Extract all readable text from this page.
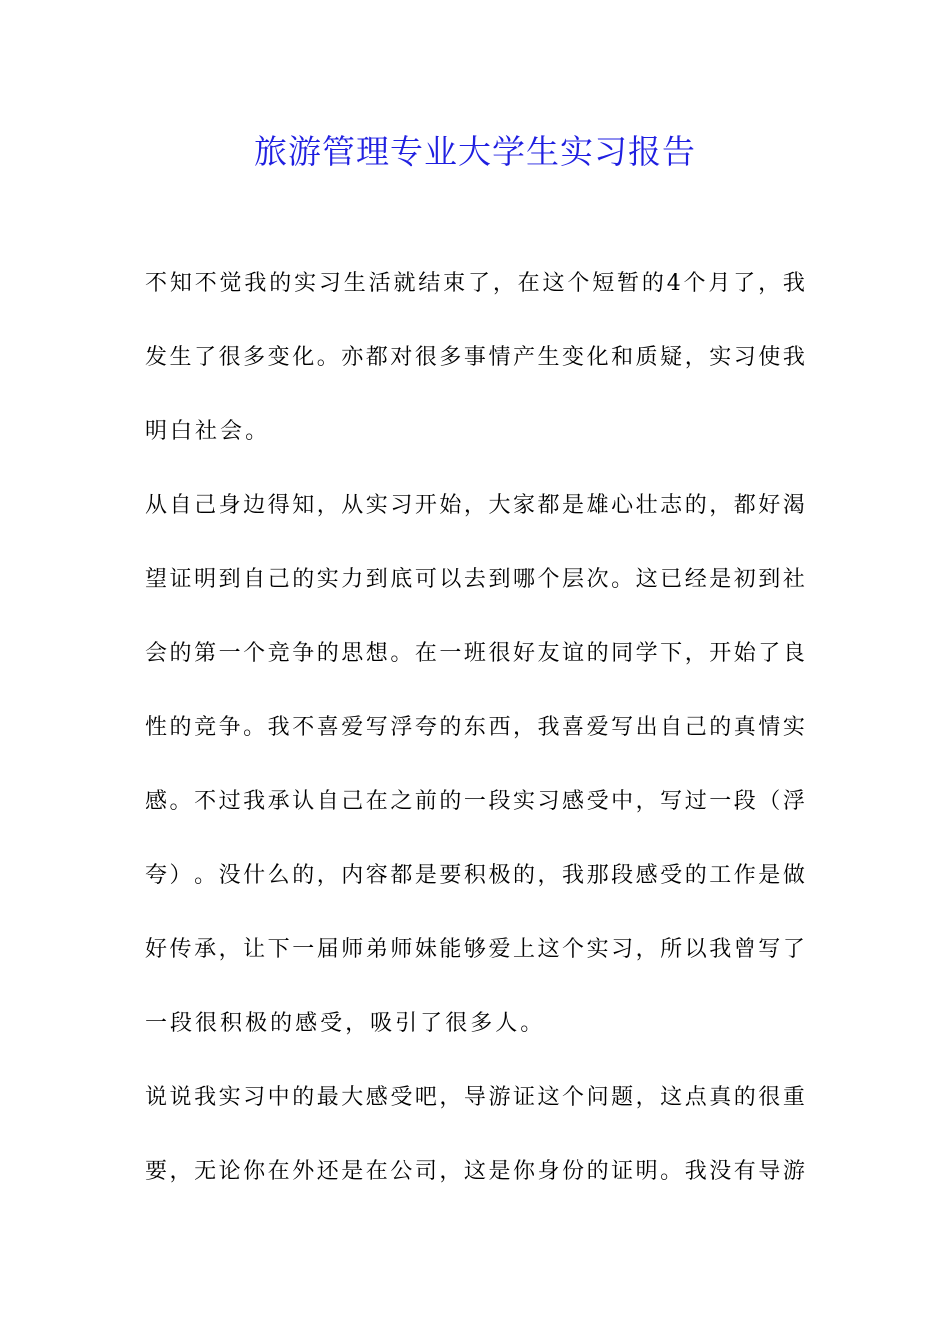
旅游管理专业大学生实习报告
不 知 不 觉 我 的 实 习 生 活 就 结 束 了 ， 在 这 个 短 暂 的 4 个 月 了 ， 我
发 生 了 很 多 变 化 。 亦 都 对 很 多 事 情 产 生 变 化 和 质 疑 ， 实 习 使 我
明 白 社 会 。
从 自 己 身 边 得 知 ， 从 实 习 开 始 ， 大 家 都 是 雄 心 壮 志 的 ， 都 好 渴
望 证 明 到 自 己 的 实 力 到 底 可 以 去 到 哪 个 层 次 。 这 已 经 是 初 到 社
会 的 第 一 个 竞 争 的 思 想 。 在 一 班 很 好 友 谊 的 同 学 下 ， 开 始 了 良
性 的 竞 争 。 我 不 喜 爱 写 浮 夸 的 东 西 ， 我 喜 爱 写 出 自 己 的 真 情 实
感 。 不 过 我 承 认 自 己 在 之 前 的 一 段 实 习 感 受 中 ， 写 过 一 段 （ 浮
夸 ） 。 没 什 么 的 ， 内 容 都 是 要 积 极 的 ， 我 那 段 感 受 的 工 作 是 做
好 传 承 ， 让 下 一 届 师 弟 师 妹 能 够 爱 上 这 个 实 习 ， 所 以 我 曾 写 了
一 段 很 积 极 的 感 受 ， 吸 引 了 很 多 人 。
说 说 我 实 习 中 的 最 大 感 受 吧 ， 导 游 证 这 个 问 题 ， 这 点 真 的 很 重
要 ， 无 论 你 在 外 还 是 在 公 司 ， 这 是 你 身 份 的 证 明 。 我 没 有 导 游
